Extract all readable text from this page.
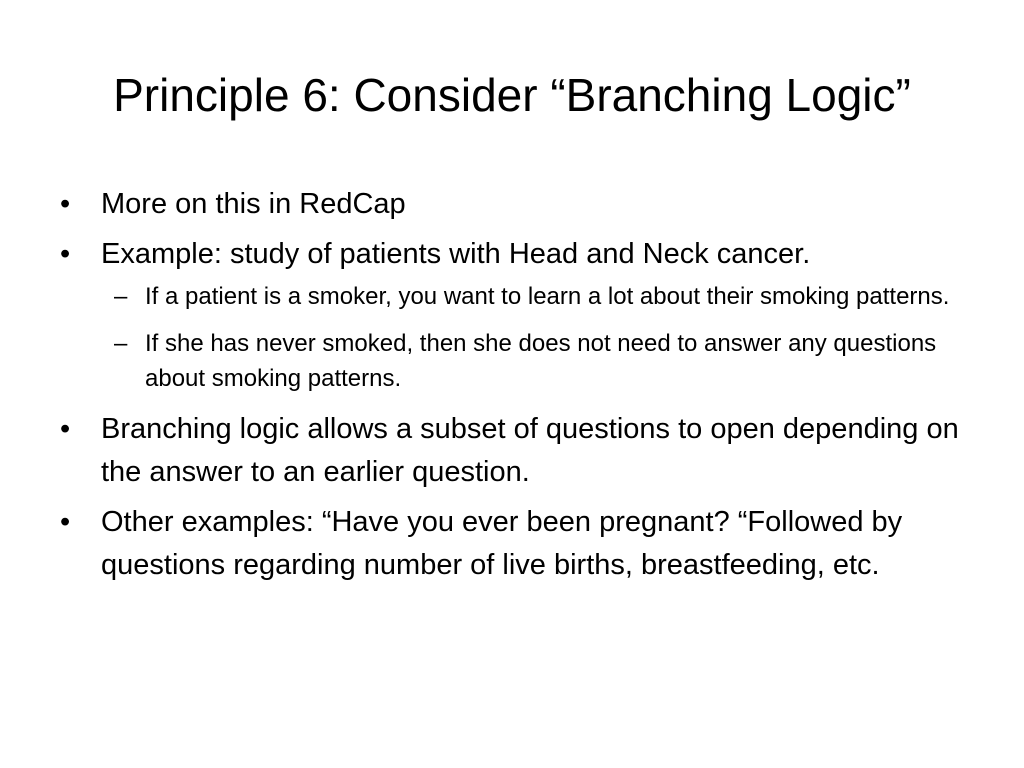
Principle 6: Consider “Branching Logic”
• More on this in RedCap
• Example: study of patients with Head and Neck cancer.
– If a patient is a smoker, you want to learn a lot about their smoking patterns.
– If she has never smoked, then she does not need to answer any questions about smoking patterns.
• Branching logic allows a subset of questions to open depending on the answer to an earlier question.
• Other examples: “Have you ever been pregnant? “Followed by questions regarding number of live births, breastfeeding, etc.
